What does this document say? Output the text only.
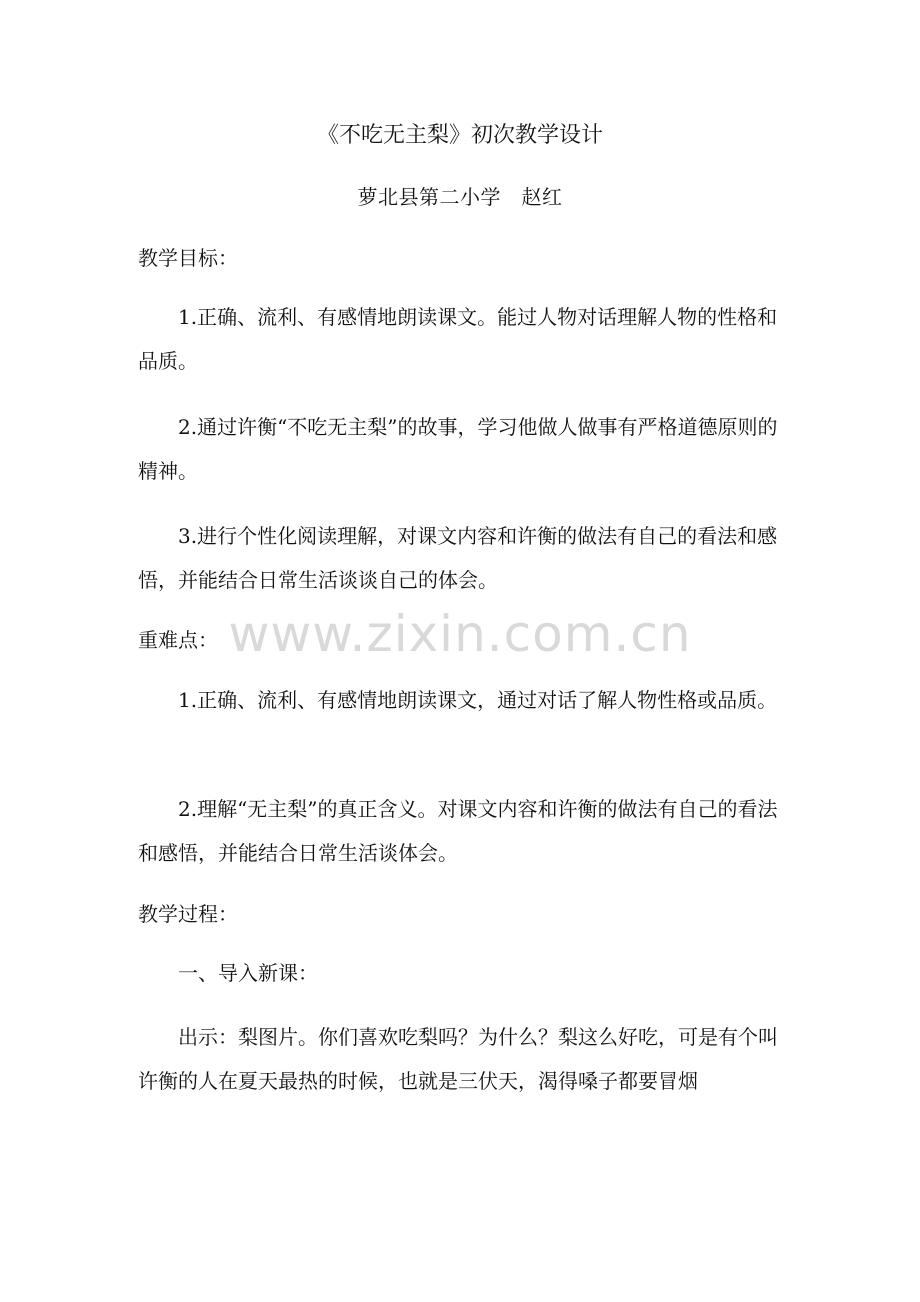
《不吃无主梨》初次教学设计
萝北县第二小学　赵红

教学目标：

1.正确、流利、有感情地朗读课文。能过人物对话理解人物的性格和品质。

2.通过许衡“不吃无主梨”的故事，学习他做人做事有严格道德原则的精神。

3.进行个性化阅读理解，对课文内容和许衡的做法有自己的看法和感悟，并能结合日常生活谈谈自己的体会。

重难点：

1.正确、流利、有感情地朗读课文，通过对话了解人物性格或品质。

2.理解“无主梨”的真正含义。对课文内容和许衡的做法有自己的看法和感悟，并能结合日常生活谈体会。

教学过程：

一、导入新课：

出示：梨图片。你们喜欢吃梨吗？为什么？梨这么好吃，可是有个叫许衡的人在夏天最热的时候，也就是三伏天，渴得嗓子都要冒烟

www.zixin.com.cn
